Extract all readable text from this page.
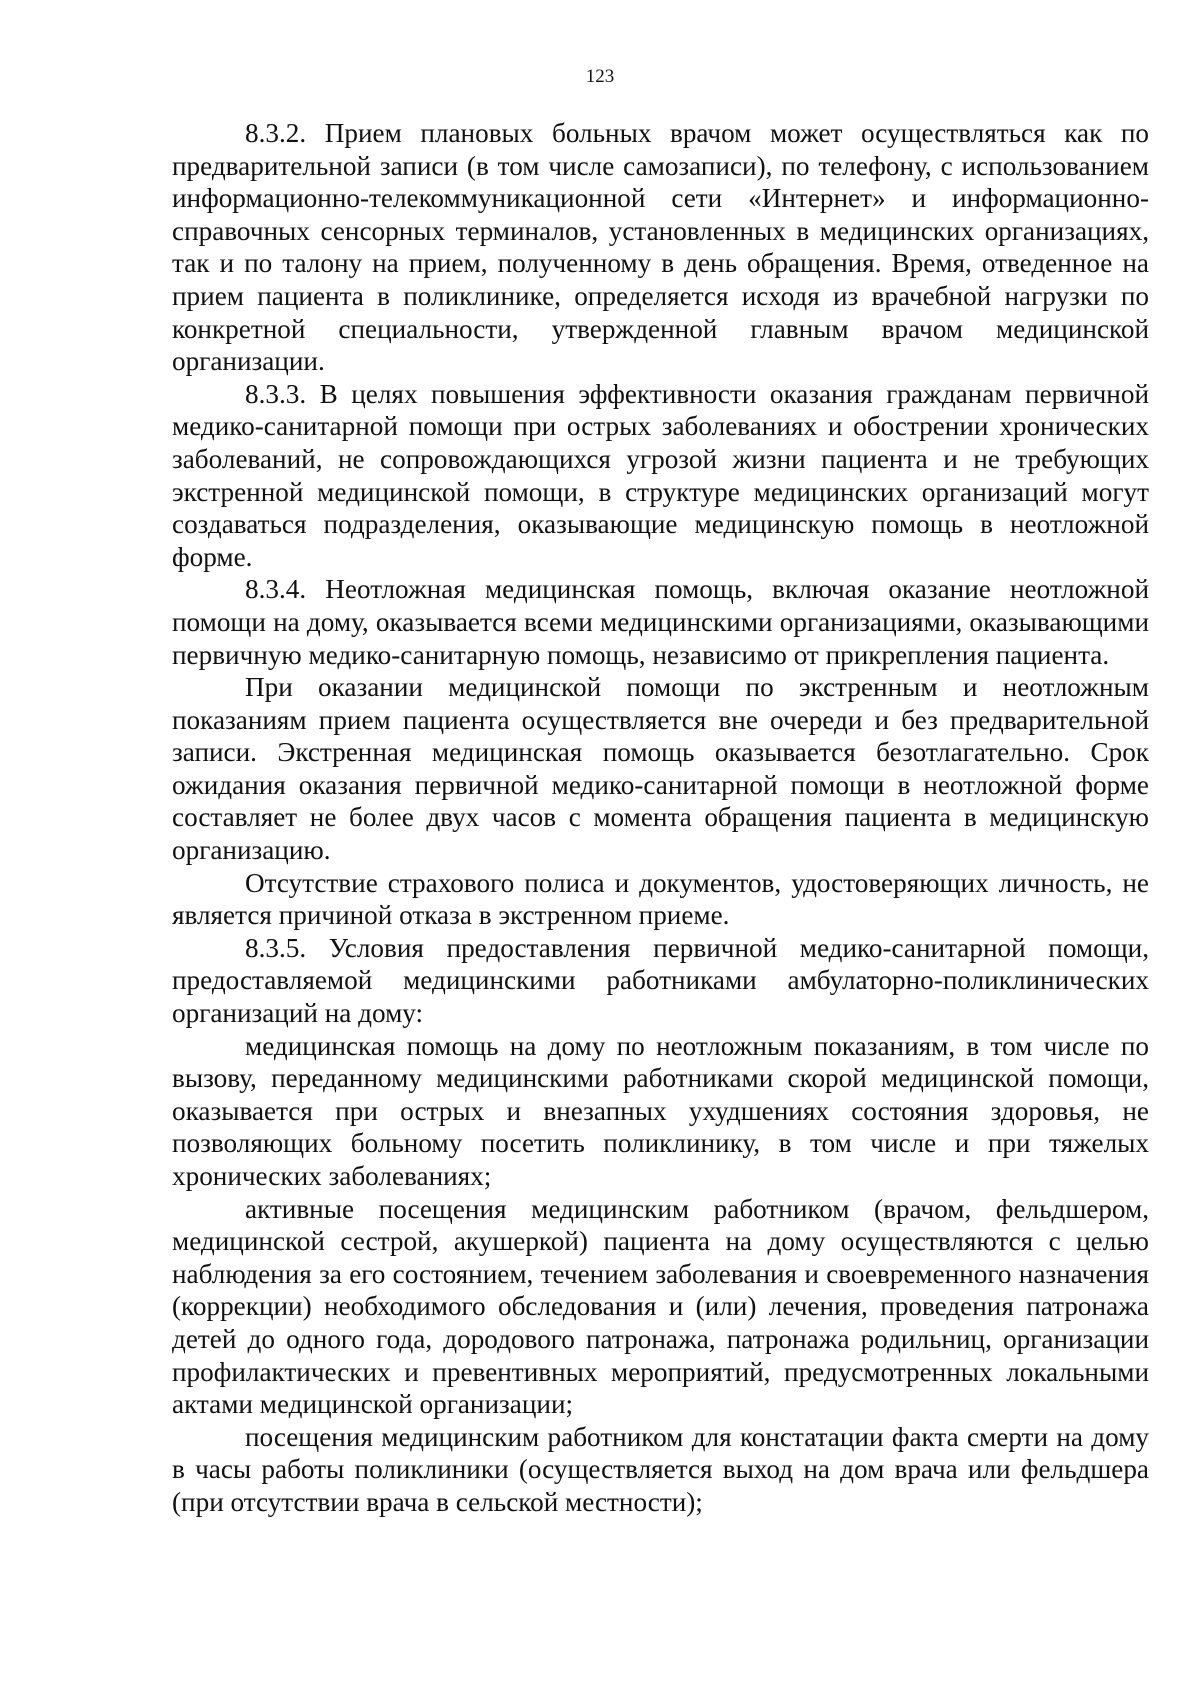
123

8.3.2. Прием плановых больных врачом может осуществляться как по предварительной записи (в том числе самозаписи), по телефону, с использованием информационно-телекоммуникационной сети «Интернет» и информационно-справочных сенсорных терминалов, установленных в медицинских организациях, так и по талону на прием, полученному в день обращения. Время, отведенное на прием пациента в поликлинике, определяется исходя из врачебной нагрузки по конкретной специальности, утвержденной главным врачом медицинской организации.

8.3.3. В целях повышения эффективности оказания гражданам первичной медико-санитарной помощи при острых заболеваниях и обострении хронических заболеваний, не сопровождающихся угрозой жизни пациента и не требующих экстренной медицинской помощи, в структуре медицинских организаций могут создаваться подразделения, оказывающие медицинскую помощь в неотложной форме.

8.3.4. Неотложная медицинская помощь, включая оказание неотложной помощи на дому, оказывается всеми медицинскими организациями, оказывающими первичную медико-санитарную помощь, независимо от прикрепления пациента.

При оказании медицинской помощи по экстренным и неотложным показаниям прием пациента осуществляется вне очереди и без предварительной записи. Экстренная медицинская помощь оказывается безотлагательно. Срок ожидания оказания первичной медико-санитарной помощи в неотложной форме составляет не более двух часов с момента обращения пациента в медицинскую организацию.

Отсутствие страхового полиса и документов, удостоверяющих личность, не является причиной отказа в экстренном приеме.

8.3.5. Условия предоставления первичной медико-санитарной помощи, предоставляемой медицинскими работниками амбулаторно-поликлинических организаций на дому:

медицинская помощь на дому по неотложным показаниям, в том числе по вызову, переданному медицинскими работниками скорой медицинской помощи, оказывается при острых и внезапных ухудшениях состояния здоровья, не позволяющих больному посетить поликлинику, в том числе и при тяжелых хронических заболеваниях;

активные посещения медицинским работником (врачом, фельдшером, медицинской сестрой, акушеркой) пациента на дому осуществляются с целью наблюдения за его состоянием, течением заболевания и своевременного назначения (коррекции) необходимого обследования и (или) лечения, проведения патронажа детей до одного года, дородового патронажа, патронажа родильниц, организации профилактических и превентивных мероприятий, предусмотренных локальными актами медицинской организации;

посещения медицинским работником для констатации факта смерти на дому в часы работы поликлиники (осуществляется выход на дом врача или фельдшера (при отсутствии врача в сельской местности);
